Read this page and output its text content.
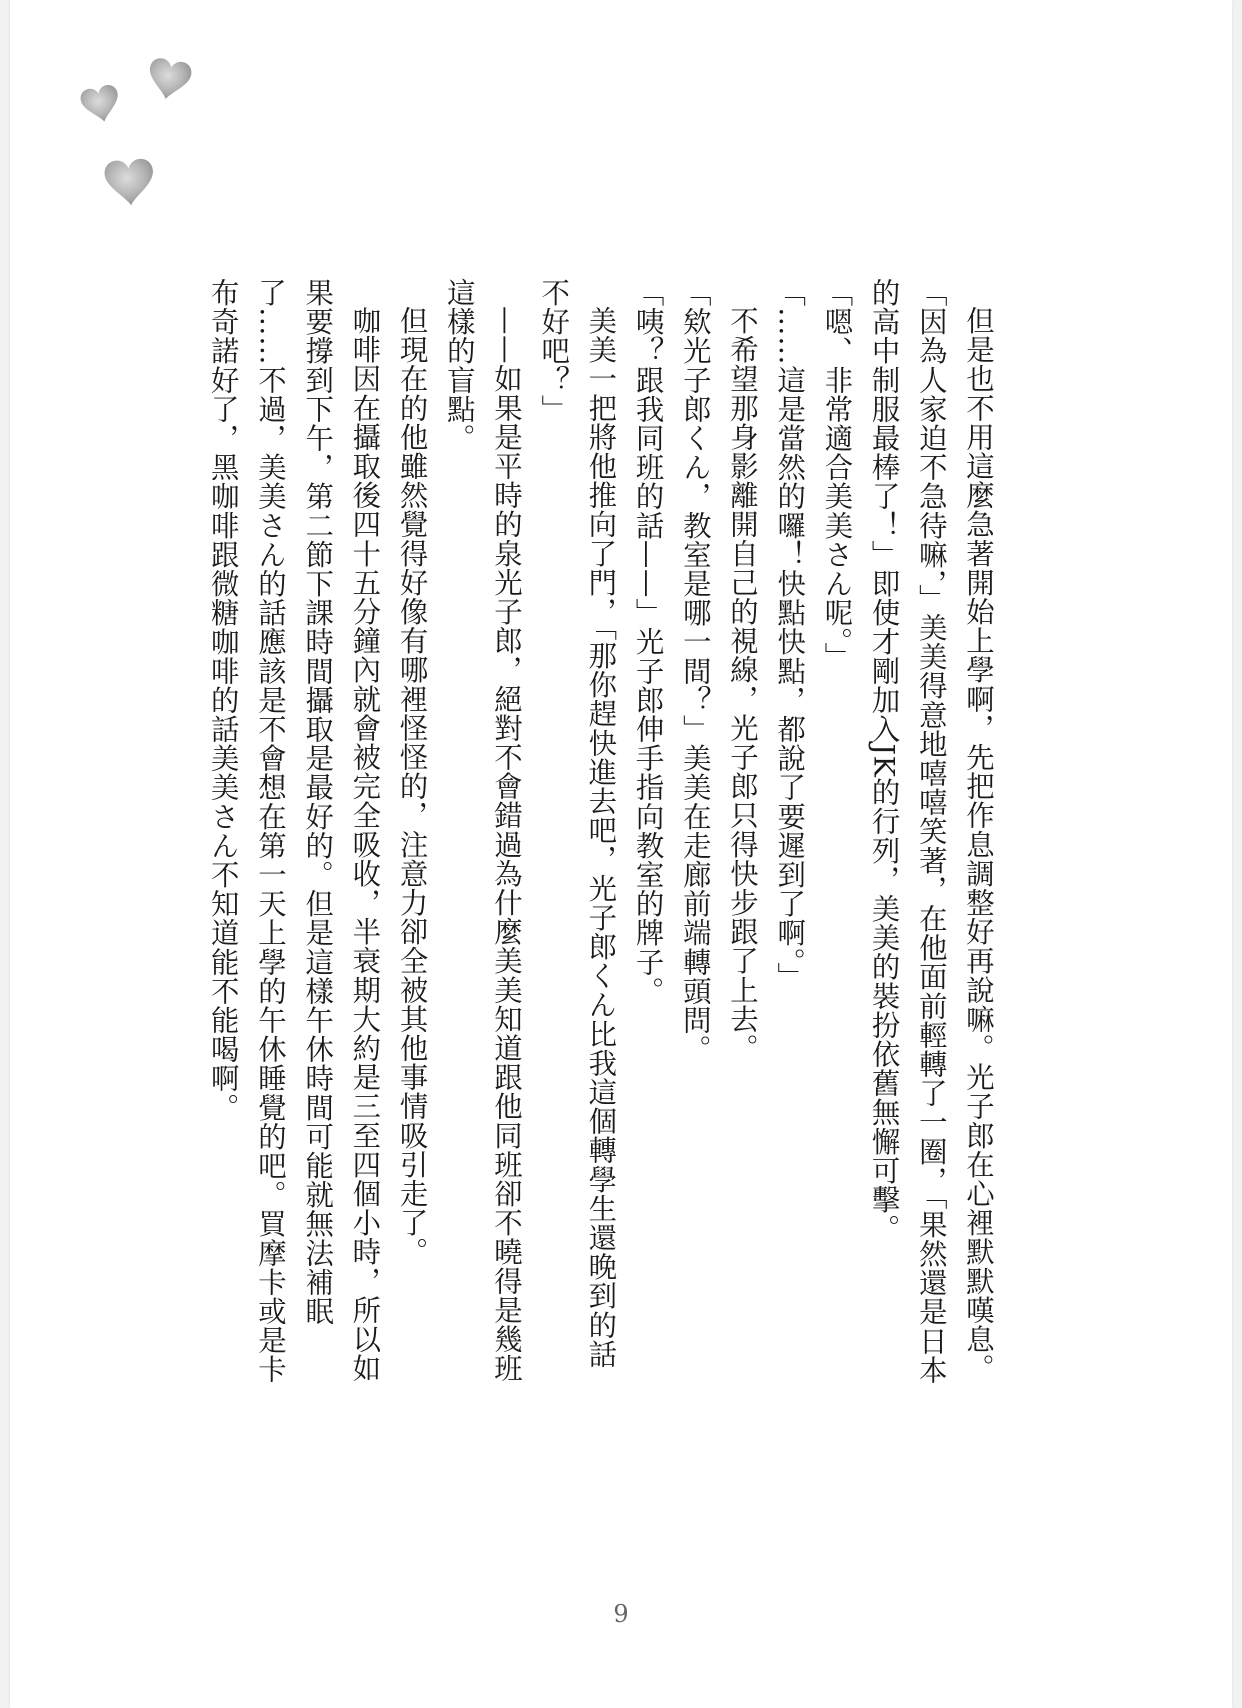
但是也不用這麼急著開始上學啊，先把作息調整好再說嘛。光子郎在心裡默默嘆息。

「因為人家迫不急待嘛，」美美得意地嘻嘻笑著，在他面前輕轉了一圈，「果然還是日本的高中制服最棒了！」即使才剛加入JK的行列，美美的裝扮依舊無懈可擊。

「嗯、非常適合美美さん呢。」

「……這是當然的囉！快點快點，都說了要遲到了啊。」

不希望那身影離開自己的視線，光子郎只得快步跟了上去。

「欸光子郎くん，教室是哪一間？」美美在走廊前端轉頭問。

「咦？跟我同班的話——」光子郎伸手指向教室的牌子。

美美一把將他推向了門，「那你趕快進去吧，光子郎くん比我這個轉學生還晚到的話不好吧？」

——如果是平時的泉光子郎，絕對不會錯過為什麼美美知道跟他同班卻不曉得是幾班這樣的盲點。

但現在的他雖然覺得好像有哪裡怪怪的，注意力卻全被其他事情吸引走了。

咖啡因在攝取後四十五分鐘內就會被完全吸收，半衰期大約是三至四個小時，所以如果要撐到下午，第二節下課時間攝取是最好的。但是這樣午休時間可能就無法補眠了……不過，美美さん的話應該是不會想在第一天上學的午休睡覺的吧。買摩卡或是卡布奇諾好了，黑咖啡跟微糖咖啡的話美美さん不知道能不能喝啊。

9
